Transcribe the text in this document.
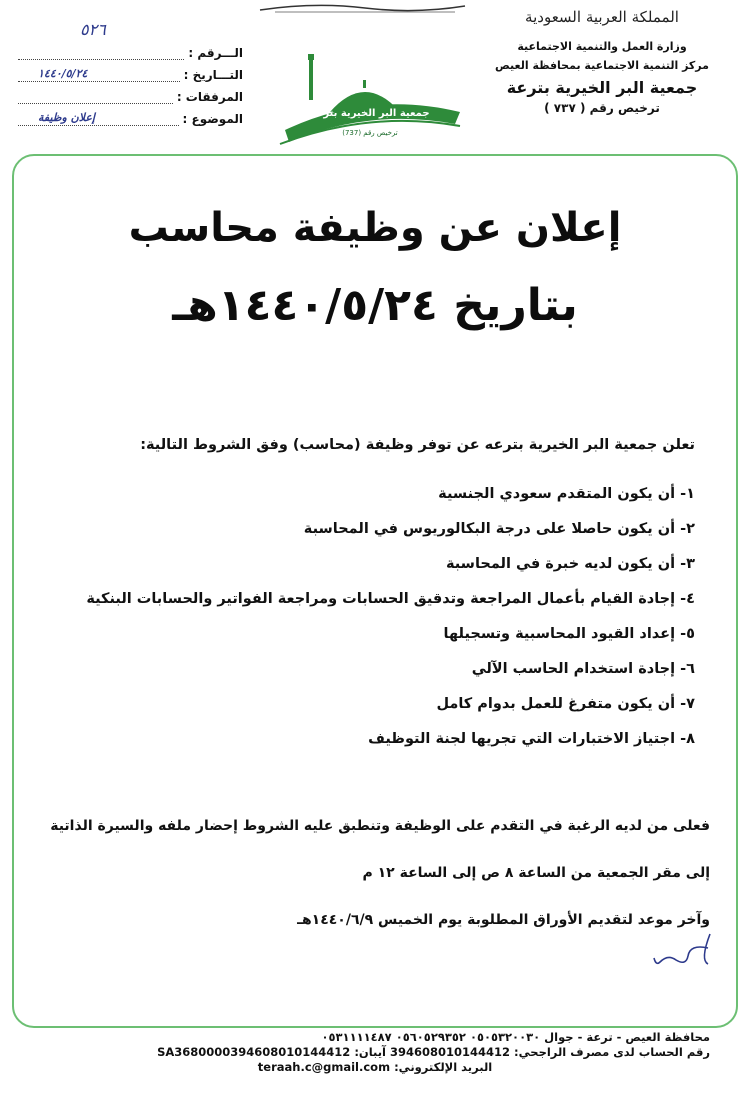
المملكة العربية السعودية
وزارة العمل والتنمية الاجتماعية
مركز التنمية الاجتماعية بمحافظة العيص
جمعية البر الخيرية بترعة
ترخيص رقم ( ٧٣٧ )
جمعية البر الخيرية بترعة
ترخيص رقم (737)
٥٢٦
الـــرقم :
التـــاريخ :
١٤٤٠/٥/٢٤
المرفقات :
الموضوع :
إعلان وظيفة
إعلان عن وظيفة محاسب
بتاريخ ١٤٤٠/٥/٢٤هـ
تعلن جمعية البر الخيرية بترعه عن توفر وظيفة (محاسب) وفق الشروط التالية:
١- أن يكون المتقدم سعودي الجنسية
٢- أن يكون حاصلا على درجة البكالوريوس في المحاسبة
٣- أن يكون لديه خبرة في المحاسبة
٤- إجادة القيام بأعمال المراجعة وتدقيق الحسابات ومراجعة الفواتير والحسابات البنكية
٥- إعداد القيود المحاسبية وتسجيلها
٦- إجادة استخدام الحاسب الآلي
٧- أن يكون متفرغ للعمل بدوام كامل
٨- اجتياز الاختبارات التي تجريها لجنة التوظيف
فعلى من لديه الرغبة في التقدم على الوظيفة وتنطبق عليه الشروط إحضار ملفه والسيرة الذاتية
إلى مقر الجمعية من الساعة ٨ ص إلى الساعة ١٢ م
وآخر موعد لتقديم الأوراق المطلوبة يوم الخميس ١٤٤٠/٦/٩هـ
محافظة العيص - ترعة - جوال ٠٥٠٥٣٢٠٠٣٠ ٠٥٦٠٥٢٩٣٥٢ ٠٥٣١١١١٤٨٧
رقم الحساب لدى مصرف الراجحي: 394608010144412 آيبان: SA3680000394608010144412
البريد الإلكتروني: teraah.c@gmail.com
